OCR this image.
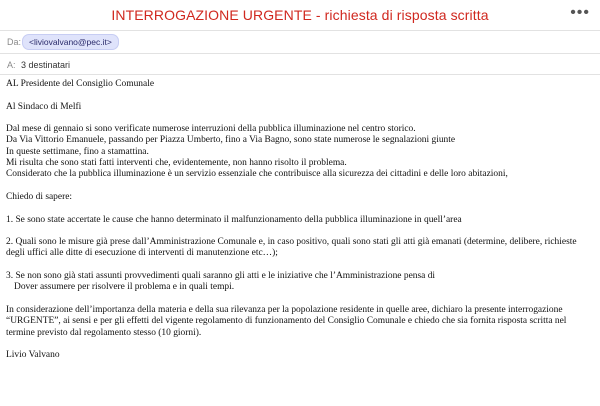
INTERROGAZIONE URGENTE - richiesta di risposta scritta	•••
Da: <liviovalvano@pec.it>
A: 3 destinatari

AL Presidente del Consiglio Comunale

Al Sindaco di Melfi

Dal mese di gennaio si sono verificate numerose interruzioni della pubblica illuminazione nel centro storico.

Da Via Vittorio Emanuele, passando per Piazza Umberto, fino a Via Bagno, sono state numerose le segnalazioni giunte

In queste settimane, fino a stamattina.

Mi risulta che sono stati fatti interventi che, evidentemente, non hanno risolto il problema.

Considerato che la pubblica illuminazione è un servizio essenziale che contribuisce alla sicurezza dei cittadini e delle loro abitazioni,

Chiedo di sapere:

1. Se sono state accertate le cause che hanno determinato il malfunzionamento della pubblica illuminazione in quell’area

2. Quali sono le misure già prese dall’Amministrazione Comunale e, in caso positivo, quali sono stati gli atti già emanati (determine, delibere, richieste

degli uffici alle ditte di esecuzione di interventi di manutenzione etc…);

3. Se non sono già stati assunti provvedimenti quali saranno gli atti e le iniziative che l’Amministrazione pensa di

Dover assumere per risolvere il problema e in quali tempi.

In considerazione dell’importanza della materia e della sua rilevanza per la popolazione residente in quelle aree, dichiaro la presente interrogazione

“URGENTE”, ai sensi e per gli effetti del vigente regolamento di funzionamento del Consiglio Comunale e chiedo che sia fornita risposta scritta nel

termine previsto dal regolamento stesso (10 giorni).

Livio Valvano
